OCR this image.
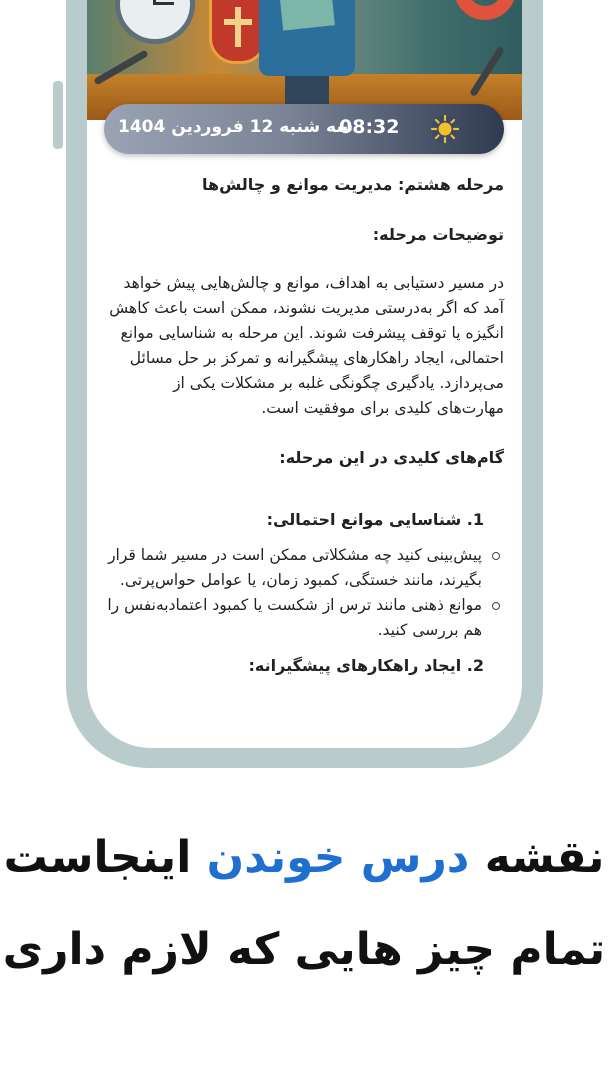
سه شنبه 12 فروردین 1404
08:32

مرحله هشتم: مدیریت موانع و چالش‌ها

توضیحات مرحله:

در مسیر دستیابی به اهداف، موانع و چالش‌هایی پیش خواهد آمد که اگر به‌درستی مدیریت نشوند، ممکن است باعث کاهش انگیزه یا توقف پیشرفت شوند. این مرحله به شناسایی موانع احتمالی، ایجاد راهکارهای پیشگیرانه و تمرکز بر حل مسائل می‌پردازد. یادگیری چگونگی غلبه بر مشکلات یکی از مهارت‌های کلیدی برای موفقیت است.

گام‌های کلیدی در این مرحله:

1. شناسایی موانع احتمالی:

پیش‌بینی کنید چه مشکلاتی ممکن است در مسیر شما قرار بگیرند، مانند خستگی، کمبود زمان، یا عوامل حواس‌پرتی.
موانع ذهنی مانند ترس از شکست یا کمبود اعتمادبه‌نفس را هم بررسی کنید.

2. ایجاد راهکارهای پیشگیرانه:

نقشه درس خوندن اینجاست
تمام چیز هایی که لازم داری
